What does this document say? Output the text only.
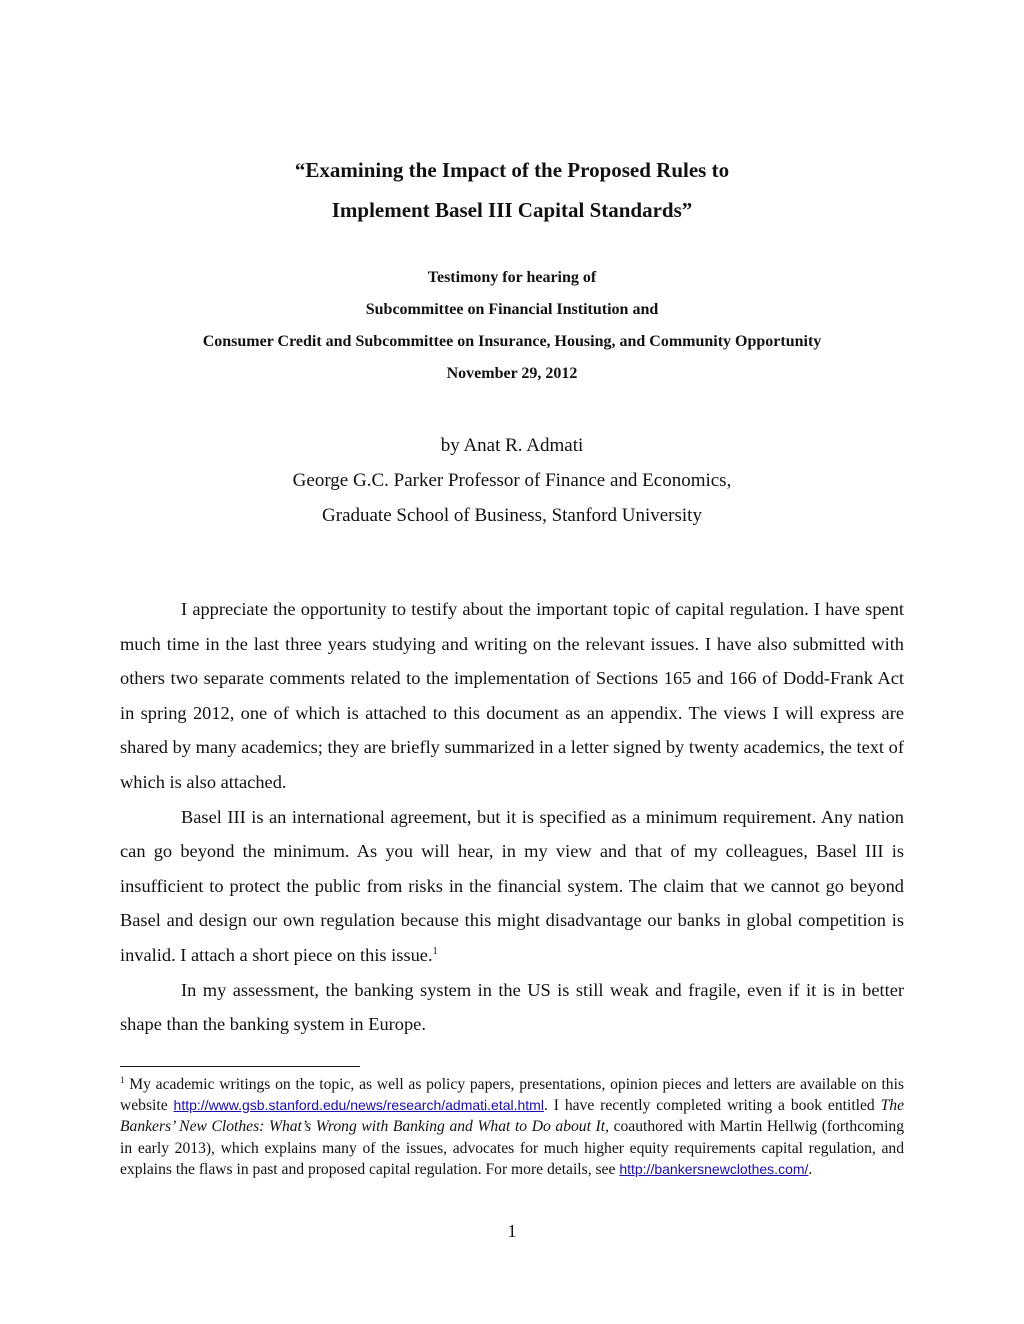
“Examining the Impact of the Proposed Rules to
Implement Basel III Capital Standards”
Testimony for hearing of
Subcommittee on Financial Institution and
Consumer Credit and Subcommittee on Insurance, Housing, and Community Opportunity
November 29, 2012
by Anat R. Admati
George G.C. Parker Professor of Finance and Economics,
Graduate School of Business, Stanford University

I appreciate the opportunity to testify about the important topic of capital regulation. I have spent much time in the last three years studying and writing on the relevant issues. I have also submitted with others two separate comments related to the implementation of Sections 165 and 166 of Dodd-Frank Act in spring 2012, one of which is attached to this document as an appendix. The views I will express are shared by many academics; they are briefly summarized in a letter signed by twenty academics, the text of which is also attached.

Basel III is an international agreement, but it is specified as a minimum requirement. Any nation can go beyond the minimum. As you will hear, in my view and that of my colleagues, Basel III is insufficient to protect the public from risks in the financial system. The claim that we cannot go beyond Basel and design our own regulation because this might disadvantage our banks in global competition is invalid. I attach a short piece on this issue.$^1$

In my assessment, the banking system in the US is still weak and fragile, even if it is in better shape than the banking system in Europe.

$^1$ My academic writings on the topic, as well as policy papers, presentations, opinion pieces and letters are available on this website http://www.gsb.stanford.edu/news/research/admati.etal.html. I have recently completed writing a book entitled The Bankers’ New Clothes: What’s Wrong with Banking and What to Do about It, coauthored with Martin Hellwig (forthcoming in early 2013), which explains many of the issues, advocates for much higher equity requirements capital regulation, and explains the flaws in past and proposed capital regulation. For more details, see http://bankersnewclothes.com/.
1
